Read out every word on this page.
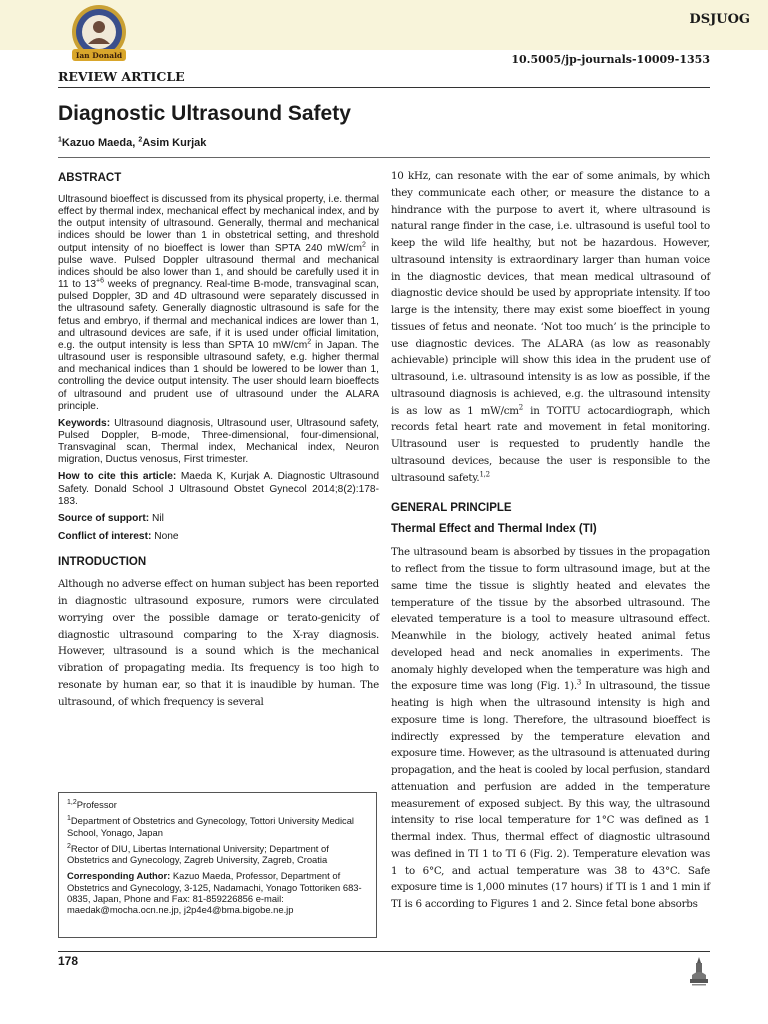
Ian Donald
DSJUOG
10.5005/jp-journals-10009-1353
REVIEW ARTICLE
Diagnostic Ultrasound Safety
$^1$Kazuo Maeda, $^2$Asim Kurjak
ABSTRACT

Ultrasound bioeffect is discussed from its physical property, i.e. thermal effect by thermal index, mechanical effect by mechanical index, and by the output intensity of ultrasound. Generally, thermal and mechanical indices should be lower than 1 in obstetrical setting, and threshold output intensity of no bioeffect is lower than SPTA 240 $mW/cm^2$ in pulse wave. Pulsed Doppler ultrasound thermal and mechanical indices should be also lower than 1, and should be carefully used it in 11 to $13^{+6}$ weeks of pregnancy. Real-time B-mode, transvaginal scan, pulsed Doppler, 3D and 4D ultrasound were separately discussed in the ultrasound safety. Generally diagnostic ultrasound is safe for the fetus and embryo, if thermal and mechanical indices are lower than 1, and ultrasound devices are safe, if it is used under official limitation, e.g. the output intensity is less than SPTA 10 $mW/cm^2$ in Japan. The ultrasound user is responsible ultrasound safety, e.g. higher thermal and mechanical indices than 1 should be lowered to be lower than 1, controlling the device output intensity. The user should learn bioeffects of ultrasound and prudent use of ultrasound under the ALARA principle.

Keywords: Ultrasound diagnosis, Ultrasound user, Ultrasound safety, Pulsed Doppler, B-mode, Three-dimensional, four-dimensional, Transvaginal scan, Thermal index, Mechanical index, Neuron migration, Ductus venosus, First trimester.

How to cite this article: Maeda K, Kurjak A. Diagnostic Ultrasound Safety. Donald School J Ultrasound Obstet Gynecol 2014;8(2):178-183.

Source of support: Nil

Conflict of interest: None

INTRODUCTION

Although no adverse effect on human subject has been reported in diagnostic ultrasound exposure, rumors were circulated worrying over the possible damage or terato-genicity of diagnostic ultrasound comparing to the X-ray diagnosis. However, ultrasound is a sound which is the mechanical vibration of propagating media. Its frequency is too high to resonate by human ear, so that it is inaudible by human. The ultrasound, of which frequency is several

10 kHz, can resonate with the ear of some animals, by which they communicate each other, or measure the distance to a hindrance with the purpose to avert it, where ultrasound is natural range finder in the case, i.e. ultrasound is useful tool to keep the wild life healthy, but not be hazardous. However, ultrasound intensity is extraordinary larger than human voice in the diagnostic devices, that mean medical ultrasound of diagnostic device should be used by appropriate intensity. If too large is the intensity, there may exist some bioeffect in young tissues of fetus and neonate. ‘Not too much’ is the principle to use diagnostic devices. The ALARA (as low as reasonably achievable) principle will show this idea in the prudent use of ultrasound, i.e. ultrasound intensity is as low as possible, if the ultrasound diagnosis is achieved, e.g. the ultrasound intensity is as low as 1 $mW/cm^2$ in TOITU actocardiograph, which records fetal heart rate and movement in fetal monitoring. Ultrasound user is requested to prudently handle the ultrasound devices, because the user is responsible to the ultrasound safety.$^{1,2}$

GENERAL PRINCIPLE
Thermal Effect and Thermal Index (TI)

The ultrasound beam is absorbed by tissues in the propagation to reflect from the tissue to form ultrasound image, but at the same time the tissue is slightly heated and elevates the temperature of the tissue by the absorbed ultrasound. The elevated temperature is a tool to measure ultrasound effect. Meanwhile in the biology, actively heated animal fetus developed head and neck anomalies in experiments. The anomaly highly developed when the temperature was high and the exposure time was long (Fig. 1).$^3$ In ultrasound, the tissue heating is high when the ultrasound intensity is high and exposure time is long. Therefore, the ultrasound bioeffect is indirectly expressed by the temperature elevation and exposure time. However, as the ultrasound is attenuated during propagation, and the heat is cooled by local perfusion, standard attenuation and perfusion are added in the temperature measurement of exposed subject. By this way, the ultrasound intensity to rise local temperature for 1°C was defined as 1 thermal index. Thus, thermal effect of diagnostic ultrasound was defined in TI 1 to TI 6 (Fig. 2). Temperature elevation was 1 to 6°C, and actual temperature was 38 to 43°C. Safe exposure time is 1,000 minutes (17 hours) if TI is 1 and 1 min if TI is 6 according to Figures 1 and 2. Since fetal bone absorbs

$^{1,2}$Professor

$^1$Department of Obstetrics and Gynecology, Tottori University Medical School, Yonago, Japan

$^2$Rector of DIU, Libertas International University; Department of Obstetrics and Gynecology, Zagreb University, Zagreb, Croatia

Corresponding Author: Kazuo Maeda, Professor, Department of Obstetrics and Gynecology, 3-125, Nadamachi, Yonago Tottoriken 683-0835, Japan, Phone and Fax: 81-859226856 e-mail: maedak@mocha.ocn.ne.jp, j2p4e4@bma.bigobe.ne.jp

178
